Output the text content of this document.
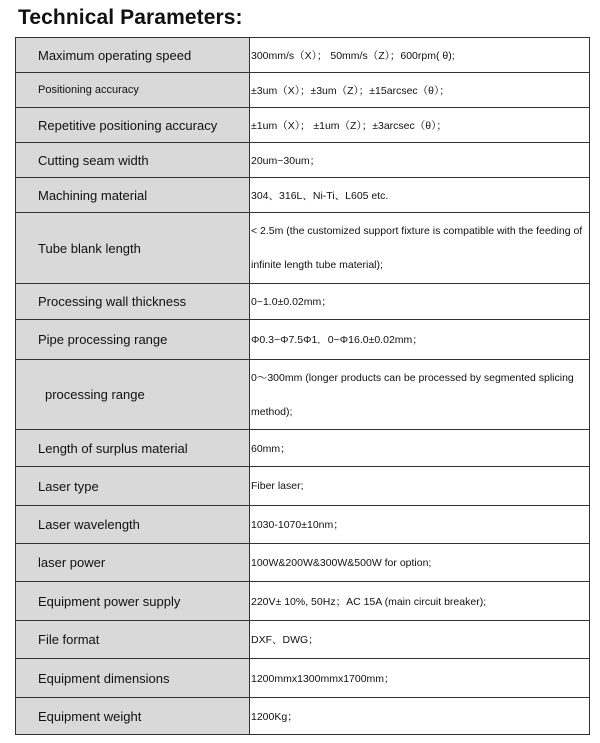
Technical Parameters:
Maximum operating speed	300mm/s（X）； 50mm/s（Z）；600rpm( θ);
Positioning accuracy	±3um（X）；±3um（Z）；±15arcsec（θ）；
Repetitive positioning accuracy	±1um（X）； ±1um（Z）；±3arcsec（θ）；
Cutting seam width	20um~30um；
Machining material	304、316L、Ni-Ti、L605 etc.
Tube blank length	< 2.5m (the customized support fixture is compatible with the feeding of
infinite length tube material);

Processing wall thickness	0~1.0±0.02mm；
Pipe processing range	Φ0.3~Φ7.5Φ1．0~Φ16.0±0.02mm；
processing range	0～300mm (longer products can be processed by segmented splicing
method);

Length of surplus material	60mm；
Laser type	Fiber laser;
Laser wavelength	1030-1070±10nm；
laser power	100W&200W&300W&500W for option;
Equipment power supply	220V± 10%, 50Hz；AC 15A (main circuit breaker);
File format	DXF、DWG；
Equipment dimensions	1200mmx1300mmx1700mm；
Equipment weight	1200Kg；
